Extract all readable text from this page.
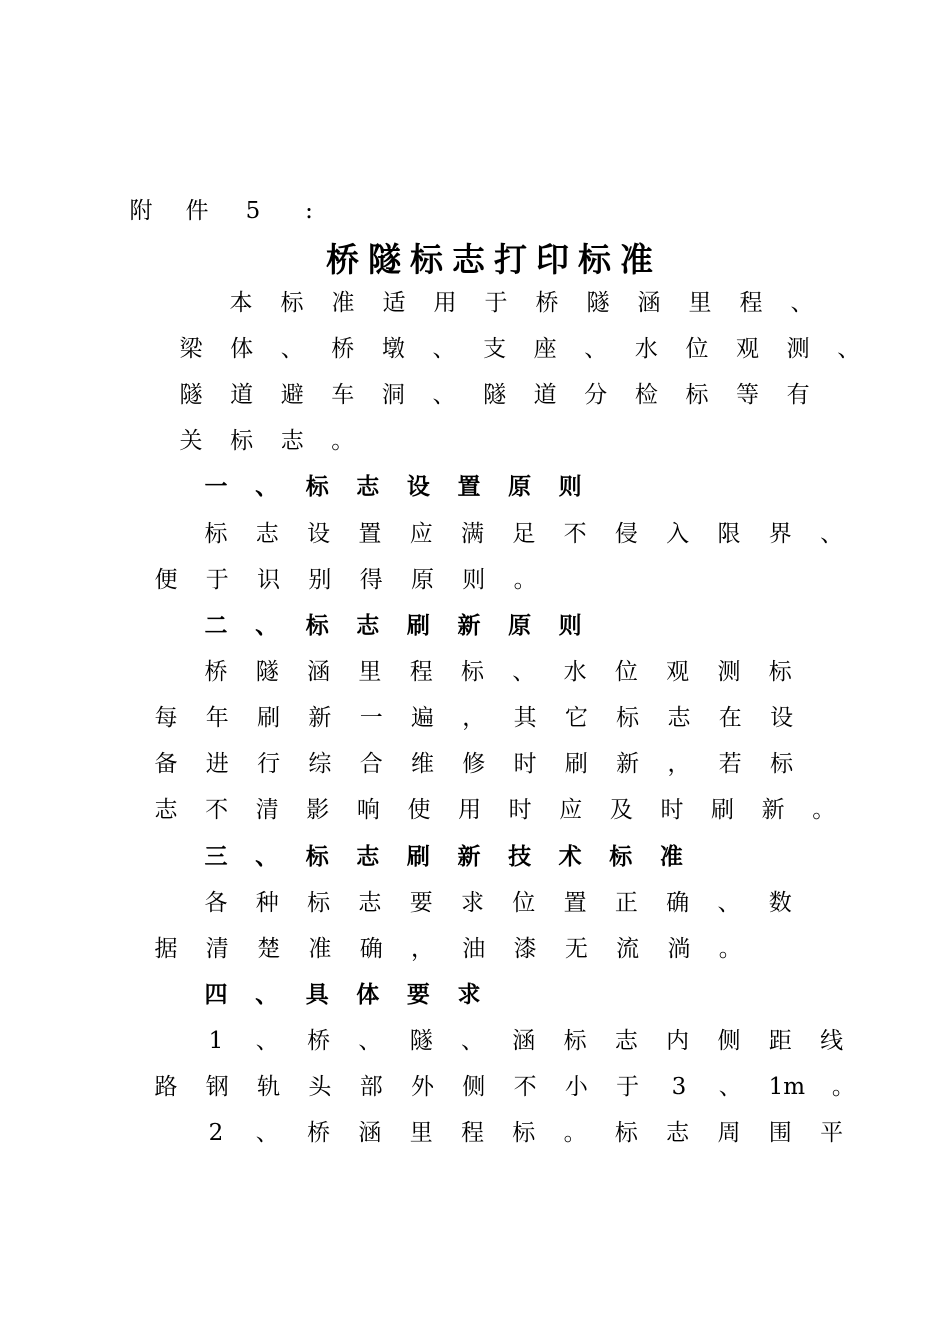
附 件 5	:
桥 隧 标 志 打 印 标 准
本 标 准 适 用 于 桥 隧 涵 里 程 、
梁 体 、 桥 墩 、 支 座 、 水 位 观 测 、
隧 道 避 车 洞 、 隧 道 分 检 标 等 有
关 标 志 。
一 、 标 志 设 置 原 则
标 志 设 置 应 满 足 不 侵 入 限 界 、
便 于 识 别 得 原 则 。
二 、 标 志 刷 新 原 则
桥 隧 涵 里 程 标 、 水 位 观 测 标
每 年 刷 新 一 遍 ， 其 它 标 志 在 设
备 进 行 综 合 维 修 时 刷 新 ， 若 标
志 不 清 影 响 使 用 时 应 及 时 刷 新 。
三 、 标 志 刷 新 技 术 标 准
各 种 标 志 要 求 位 置 正 确 、 数
据 清 楚 准 确 ， 油 漆 无 流 淌 。
四 、 具 体 要 求
1 、 桥 、 隧 、 涵 标 志 内 侧 距 线
路 钢 轨 头 部 外 侧 不 小 于 3 、 1m 。
2 、 桥 涵 里 程 标 。 标 志 周 围 平
